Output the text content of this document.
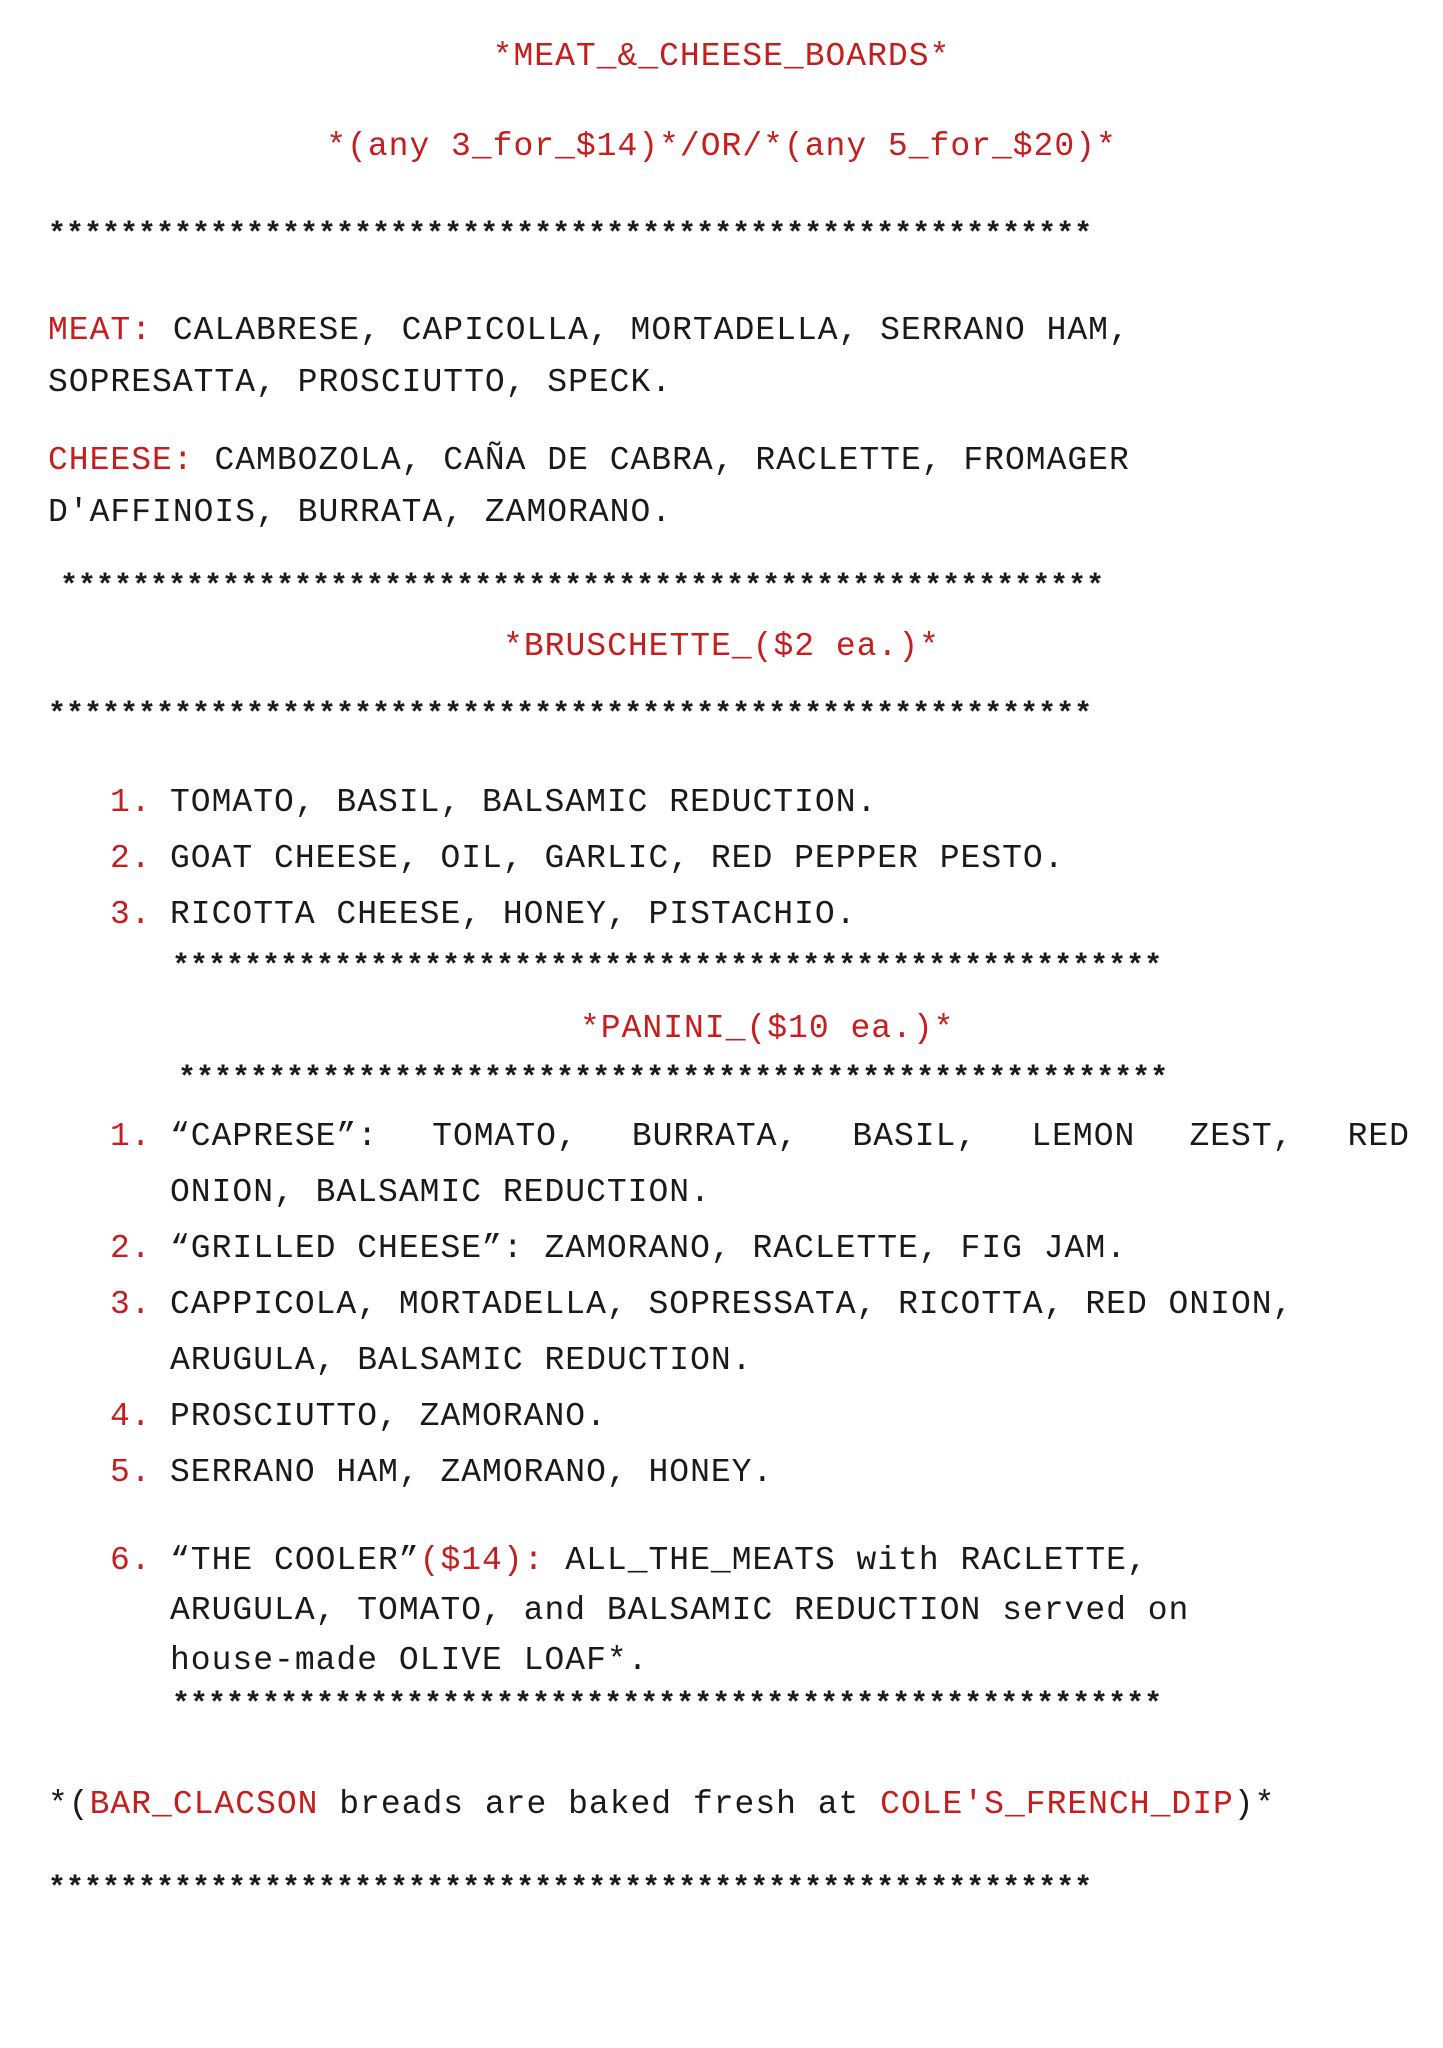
*MEAT_&_CHEESE_BOARDS*
*(any 3_for_$14)*/OR/*(any 5_for_$20)*
**********************************************************
MEAT: CALABRESE, CAPICOLLA, MORTADELLA, SERRANO HAM,
SOPRESATTA, PROSCIUTTO, SPECK.
CHEESE: CAMBOZOLA, CAÑA DE CABRA, RACLETTE, FROMAGER
D'AFFINOIS, BURRATA, ZAMORANO.
**********************************************************
*BRUSCHETTE_($2 ea.)*
**********************************************************
1. TOMATO, BASIL, BALSAMIC REDUCTION.
2. GOAT CHEESE, OIL, GARLIC, RED PEPPER PESTO.
3. RICOTTA CHEESE, HONEY, PISTACHIO.
*******************************************************
*PANINI_($10 ea.)*
*******************************************************
1. “CAPRESE”: TOMATO, BURRATA, BASIL, LEMON ZEST, RED
ONION, BALSAMIC REDUCTION.
2. “GRILLED CHEESE”: ZAMORANO, RACLETTE, FIG JAM.
3. CAPPICOLA, MORTADELLA, SOPRESSATA, RICOTTA, RED ONION,
ARUGULA, BALSAMIC REDUCTION.
4. PROSCIUTTO, ZAMORANO.
5. SERRANO HAM, ZAMORANO, HONEY.
6. “THE COOLER”($14): ALL_THE_MEATS with RACLETTE,
ARUGULA, TOMATO, and BALSAMIC REDUCTION served on
house-made OLIVE LOAF*.
*******************************************************
*(BAR_CLACSON breads are baked fresh at COLE'S_FRENCH_DIP)*
**********************************************************
